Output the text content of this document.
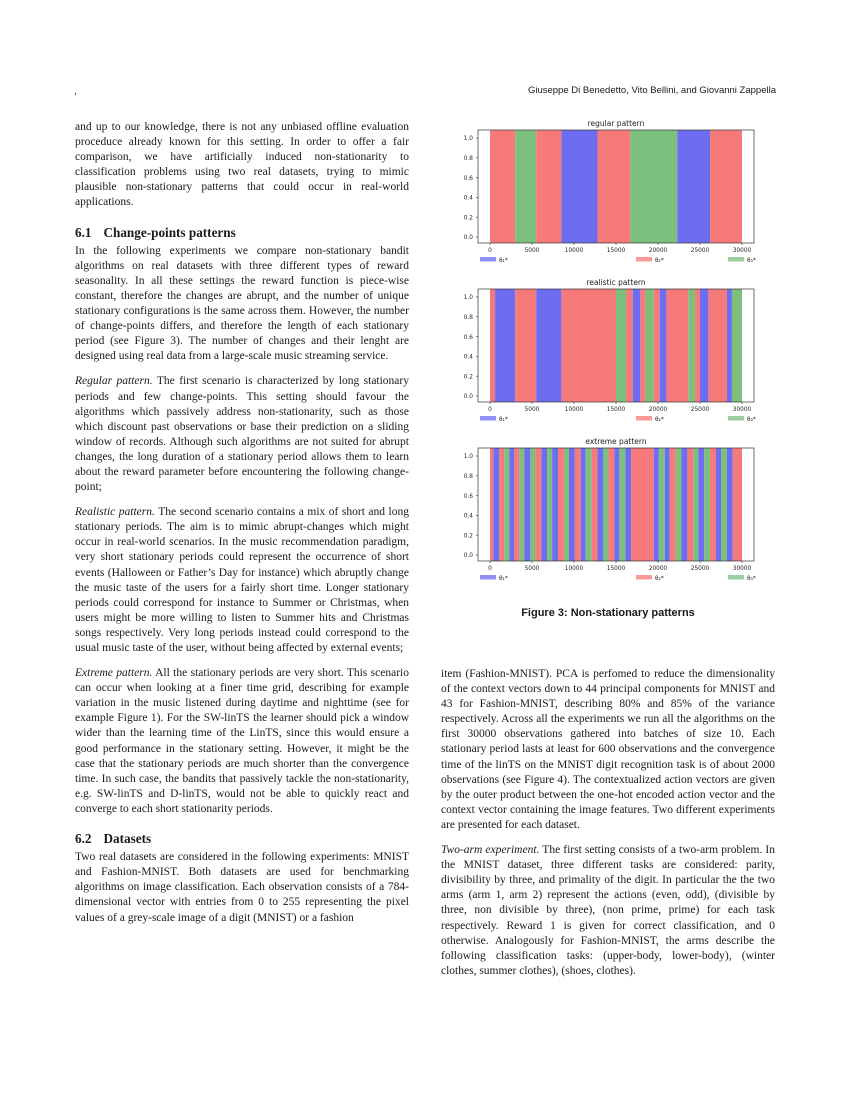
,	Giuseppe Di Benedetto, Vito Bellini, and Giovanni Zappella

and up to our knowledge, there is not any unbiased offline evaluation proceduce already known for this setting. In order to offer a fair comparison, we have artificially induced non-stationarity to classification problems using two real datasets, trying to mimic plausible non-stationary patterns that could occur in real-world applications.

6.1 Change-points patterns

In the following experiments we compare non-stationary bandit algorithms on real datasets with three different types of reward seasonality. In all these settings the reward function is piece-wise constant, therefore the changes are abrupt, and the number of unique stationary configurations is the same across them. However, the number of change-points differs, and therefore the length of each stationary period (see Figure 3). The number of changes and their lenght are designed using real data from a large-scale music streaming service.

Regular pattern. The first scenario is characterized by long stationary periods and few change-points. This setting should favour the algorithms which passively address non-stationarity, such as those which discount past observations or base their prediction on a sliding window of records. Although such algorithms are not suited for abrupt changes, the long duration of a stationary period allows them to learn about the reward parameter before encountering the following change-point;

Realistic pattern. The second scenario contains a mix of short and long stationary periods. The aim is to mimic abrupt-changes which might occur in real-world scenarios. In the music recommendation paradigm, very short stationary periods could represent the occurrence of short events (Halloween or Father’s Day for instance) which abruptly change the music taste of the users for a fairly short time. Longer stationary periods could correspond for instance to Summer or Christmas, when users might be more willing to listen to Summer hits and Christmas songs respectively. Very long periods instead could correspond to the usual music taste of the user, without being affected by external events;

Extreme pattern. All the stationary periods are very short. This scenario can occur when looking at a finer time grid, describing for example variation in the music listened during daytime and nighttime (see for example Figure 1). For the SW-linTS the learner should pick a window wider than the learning time of the LinTS, since this would ensure a good performance in the stationary setting. However, it might be the case that the stationary periods are much shorter than the convergence time. In such case, the bandits that passively tackle the non-stationarity, e.g. SW-linTS and D-linTS, would not be able to quickly react and converge to each short stationarity periods.

6.2 Datasets

Two real datasets are considered in the following experiments: MNIST and Fashion-MNIST. Both datasets are used for benchmarking algorithms on image classification. Each observation consists of a 784-dimensional vector with entries from 0 to 255 representing the pixel values of a grey-scale image of a digit (MNIST) or a fashion

regular pattern
0.0
0.2
0.4
0.6
0.8
1.0
0	5000	10000	15000	20000	25000	30000
θ₁*	θ₂*	θ₃*
realistic pattern
0.0
0.2
0.4
0.6
0.8
1.0
0	5000	10000	15000	20000	25000	30000
θ₁*	θ₂*	θ₃*
extreme pattern
0.0
0.2
0.4
0.6
0.8
1.0
0	5000	10000	15000	20000	25000	30000
θ₁*	θ₂*	θ₃*
Figure 3: Non-stationary patterns

item (Fashion-MNIST). PCA is perfomed to reduce the dimensionality of the context vectors down to 44 principal components for MNIST and 43 for Fashion-MNIST, describing 80% and 85% of the variance respectively. Across all the experiments we run all the algorithms on the first 30000 observations gathered into batches of size 10. Each stationary period lasts at least for 600 observations and the convergence time of the linTS on the MNIST digit recognition task is of about 2000 observations (see Figure 4). The contextualized action vectors are given by the outer product between the one-hot encoded action vector and the context vector containing the image features. Two different experiments are presented for each dataset.

Two-arm experiment. The first setting consists of a two-arm problem. In the MNIST dataset, three different tasks are considered: parity, divisibility by three, and primality of the digit. In particular the the two arms (arm 1, arm 2) represent the actions (even, odd), (divisible by three, non divisible by three), (non prime, prime) for each task respectively. Reward 1 is given for correct classification, and 0 otherwise. Analogously for Fashion-MNIST, the arms describe the following classification tasks: (upper-body, lower-body), (winter clothes, summer clothes), (shoes, clothes).
